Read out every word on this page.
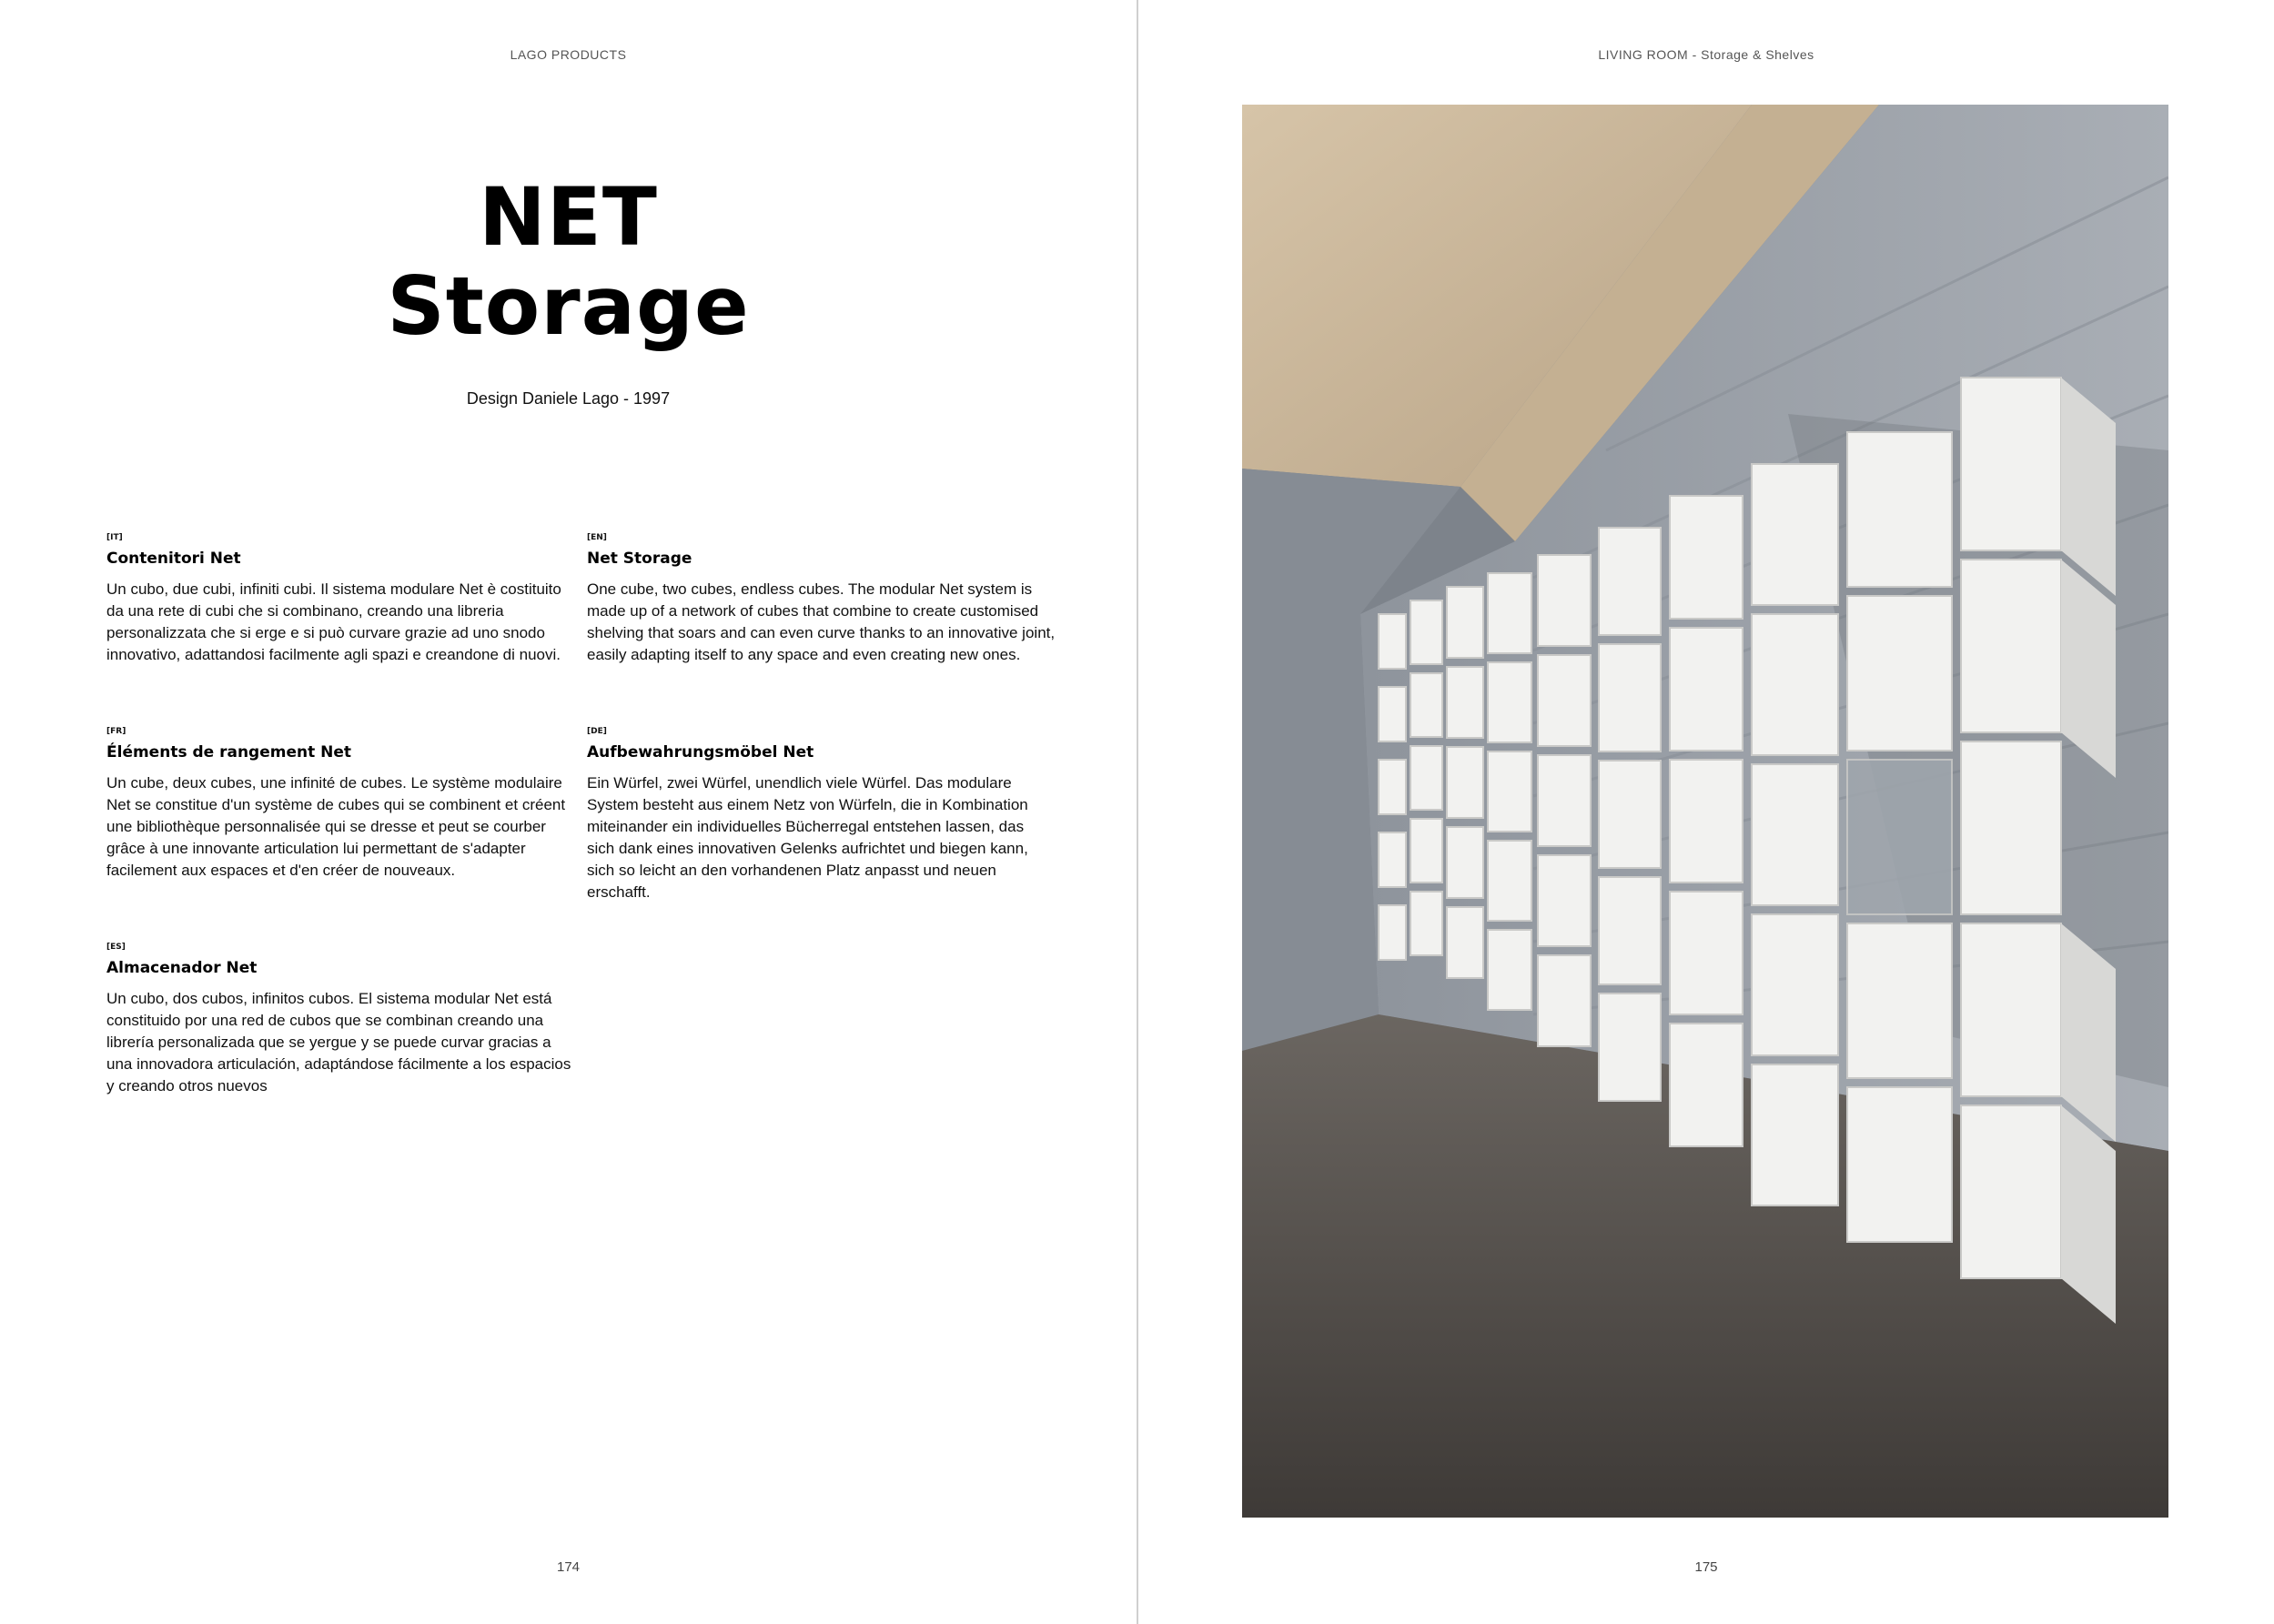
LAGO PRODUCTS
NET
Storage
Design Daniele Lago - 1997
[IT]
Contenitori Net
Un cubo, due cubi, infiniti cubi. Il sistema modulare Net è costituito da una rete di cubi che si combinano, creando una libreria personalizzata che si erge e si può curvare grazie ad uno snodo innovativo, adattandosi facilmente agli spazi e creandone di nuovi.
[EN]
Net Storage
One cube, two cubes, endless cubes. The modular Net system is made up of a network of cubes that combine to create customised shelving that soars and can even curve thanks to an innovative joint, easily adapting itself to any space and even creating new ones.
[FR]
Éléments de rangement Net
Un cube, deux cubes, une infinité de cubes. Le système modulaire Net se constitue d'un système de cubes qui se combinent et créent une bibliothèque personnalisée qui se dresse et peut se courber grâce à une innovante articulation lui permettant de s'adapter facilement aux espaces et d'en créer de nouveaux.
[DE]
Aufbewahrungsmöbel Net
Ein Würfel, zwei Würfel, unendlich viele Würfel. Das modulare System besteht aus einem Netz von Würfeln, die in Kombination miteinander ein individuelles Bücherregal entstehen lassen, das sich dank eines innovativen Gelenks aufrichtet und biegen kann, sich so leicht an den vorhandenen Platz anpasst und neuen erschafft.
[ES]
Almacenador Net
Un cubo, dos cubos, infinitos cubos. El sistema modular Net está constituido por una red de cubos que se combinan creando una librería personalizada que se yergue y se puede curvar gracias a una innovadora articulación, adaptándose fácilmente a los espacios y creando otros nuevos
174
LIVING ROOM - Storage & Shelves
175
